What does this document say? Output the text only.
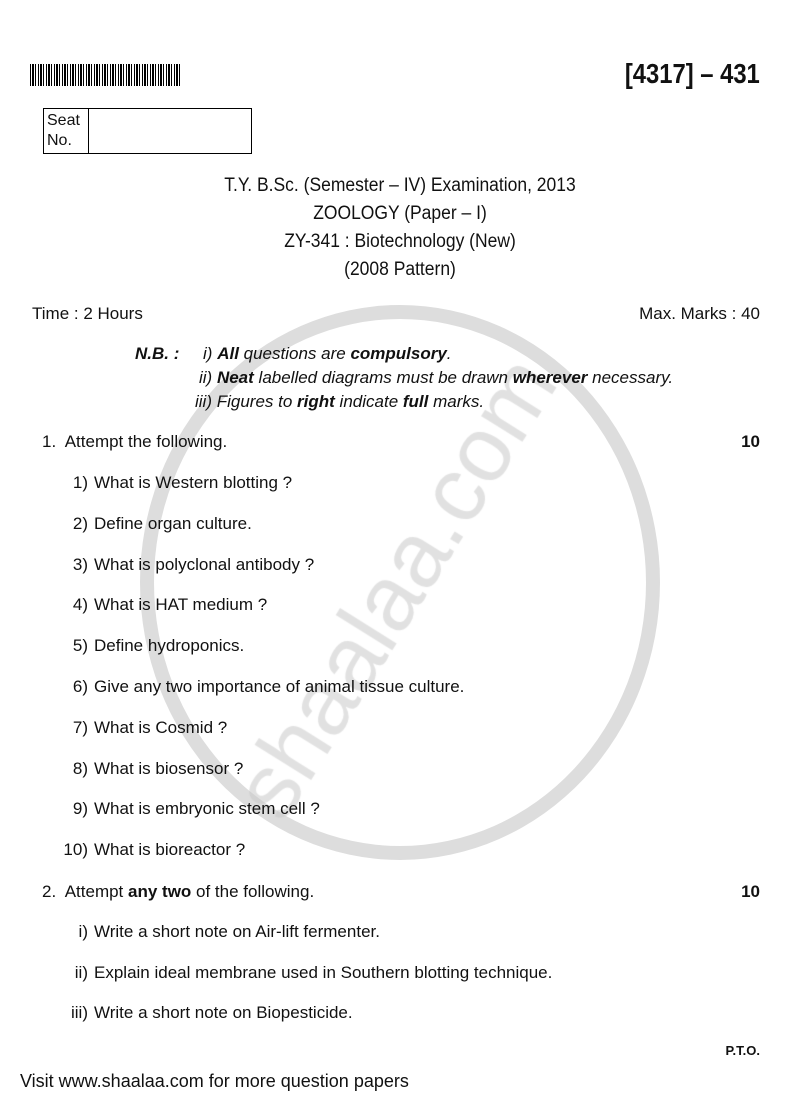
[4317] – 431
Seat
No.
T.Y. B.Sc. (Semester – IV) Examination, 2013
ZOOLOGY (Paper – I)
ZY-341 : Biotechnology (New)
(2008 Pattern)
Time : 2 Hours	Max. Marks : 40
N.B. : i) All questions are compulsory.
ii) Neat labelled diagrams must be drawn wherever necessary.
iii) Figures to right indicate full marks.
1. Attempt the following.	10
1) What is Western blotting ?
2) Define organ culture.
3) What is polyclonal antibody ?
4) What is HAT medium ?
5) Define hydroponics.
6) Give any two importance of animal tissue culture.
7) What is Cosmid ?
8) What is biosensor ?
9) What is embryonic stem cell ?
10) What is bioreactor ?
2. Attempt any two of the following.	10
i) Write a short note on Air-lift fermenter.
ii) Explain ideal membrane used in Southern blotting technique.
iii) Write a short note on Biopesticide.
P.T.O.
Visit www.shaalaa.com for more question papers
